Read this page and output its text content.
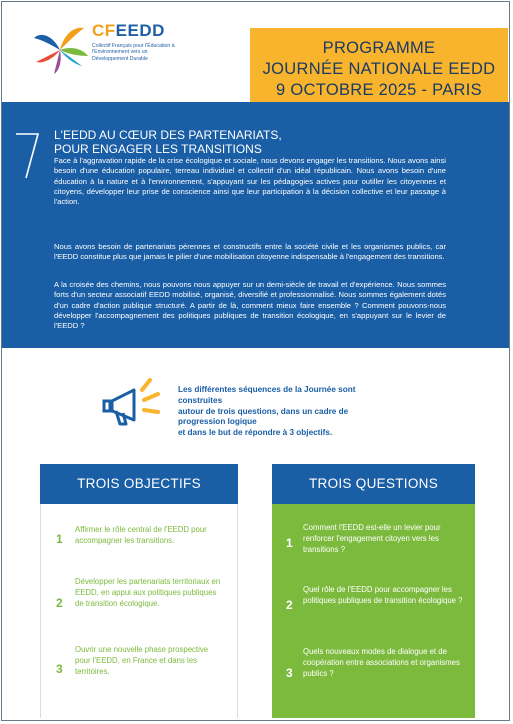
CFEEDD
Collectif Français pour l'Éducation à l'Environnement vers un Développement Durable
PROGRAMME
JOURNÉE NATIONALE EEDD
9 OCTOBRE 2025 - PARIS
L'EEDD AU CŒUR DES PARTENARIATS,
POUR ENGAGER LES TRANSITIONS
Face à l'aggravation rapide de la crise écologique et sociale, nous devons engager les transitions. Nous avons ainsi besoin d'une éducation populaire, terreau individuel et collectif d'un idéal républicain. Nous avons besoin d'une éducation à la nature et à l'environnement, s'appuyant sur les pédagogies actives pour outiller les citoyennes et citoyens, développer leur prise de conscience ainsi que leur participation à la décision collective et leur passage à l'action.
Nous avons besoin de partenariats pérennes et constructifs entre la société civile et les organismes publics, car l'EEDD constitue plus que jamais le pilier d'une mobilisation citoyenne indispensable à l'engagement des transitions.
A la croisée des chemins, nous pouvons nous appuyer sur un demi-siècle de travail et d'expérience. Nous sommes forts d'un secteur associatif EEDD mobilisé, organisé, diversifié et professionnalisé. Nous sommes également dotés d'un cadre d'action publique structuré. A partir de là, comment mieux faire ensemble ? Comment pouvons-nous développer l'accompagnement des politiques publiques de transition écologique, en s'appuyant sur le levier de l'EEDD ?
Les différentes séquences de la Journée sont construites
autour de trois questions, dans un cadre de progression logique
et dans le but de répondre à 3 objectifs.
TROIS OBJECTIFS
1
Affirmer le rôle central de l'EEDD pour accompagner les transitions.
2
Développer les partenariats territoriaux en EEDD, en appui aux politiques publiques de transition écologique.
3
Ouvrir une nouvelle phase prospective pour l'EEDD, en France et dans les territoires.
TROIS QUESTIONS
1
Comment l'EEDD est-elle un levier pour renforcer l'engagement citoyen vers les transitions ?
2
Quel rôle de l'EEDD pour accompagner les politiques publiques de transition écologique ?
3
Quels nouveaux modes de dialogue et de coopération entre associations et organismes publics ?
